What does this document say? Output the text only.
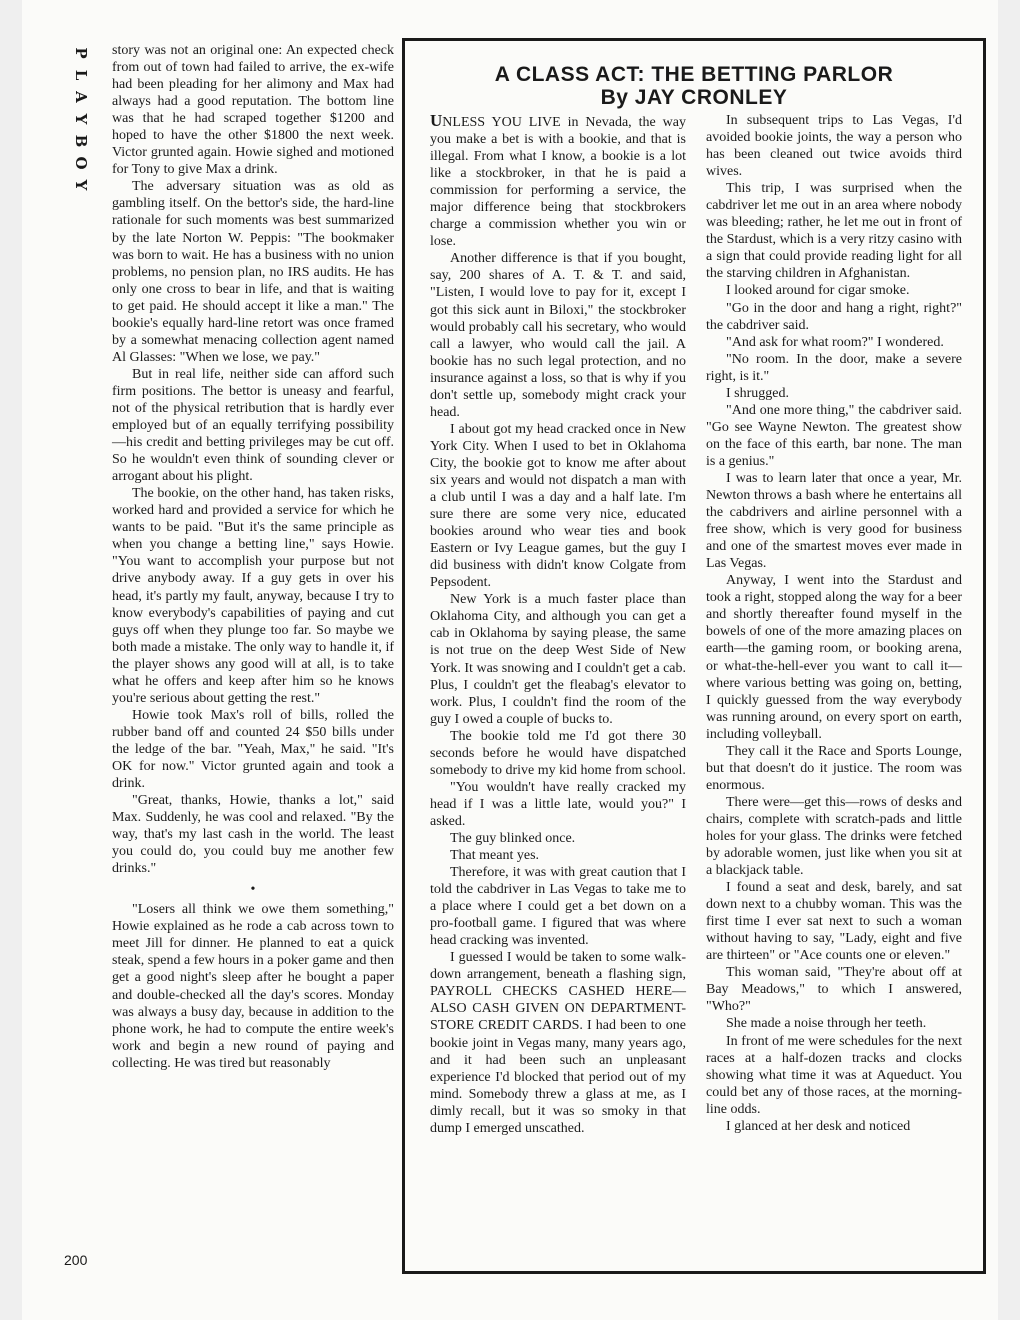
P
L
A
Y
B
O
Y

story was not an original one: An expected check from out of town had failed to arrive, the ex-wife had been pleading for her alimony and Max had always had a good reputation. The bottom line was that he had scraped together $1200 and hoped to have the other $1800 the next week. Victor grunted again. Howie sighed and motioned for Tony to give Max a drink.

The adversary situation was as old as gambling itself. On the bettor's side, the hard-line rationale for such moments was best summarized by the late Norton W. Peppis: "The bookmaker was born to wait. He has a business with no union problems, no pension plan, no IRS audits. He has only one cross to bear in life, and that is waiting to get paid. He should accept it like a man." The bookie's equally hard-line retort was once framed by a somewhat menacing collection agent named Al Glasses: "When we lose, we pay."

But in real life, neither side can afford such firm positions. The bettor is uneasy and fearful, not of the physical retribution that is hardly ever employed but of an equally terrifying possibility—his credit and betting privileges may be cut off. So he wouldn't even think of sounding clever or arrogant about his plight.

The bookie, on the other hand, has taken risks, worked hard and provided a service for which he wants to be paid. "But it's the same principle as when you change a betting line," says Howie. "You want to accomplish your purpose but not drive anybody away. If a guy gets in over his head, it's partly my fault, anyway, because I try to know everybody's capabilities of paying and cut guys off when they plunge too far. So maybe we both made a mistake. The only way to handle it, if the player shows any good will at all, is to take what he offers and keep after him so he knows you're serious about getting the rest."

Howie took Max's roll of bills, rolled the rubber band off and counted 24 $50 bills under the ledge of the bar. "Yeah, Max," he said. "It's OK for now." Victor grunted again and took a drink.

"Great, thanks, Howie, thanks a lot," said Max. Suddenly, he was cool and relaxed. "By the way, that's my last cash in the world. The least you could do, you could buy me another few drinks."

•

"Losers all think we owe them something," Howie explained as he rode a cab across town to meet Jill for dinner. He planned to eat a quick steak, spend a few hours in a poker game and then get a good night's sleep after he bought a paper and double-checked all the day's scores. Monday was always a busy day, because in addition to the phone work, he had to compute the entire week's work and begin a new round of paying and collecting. He was tired but reasonably

200
A CLASS ACT: THE BETTING PARLOR
By JAY CRONLEY

UNLESS YOU LIVE in Nevada, the way you make a bet is with a bookie, and that is illegal. From what I know, a bookie is a lot like a stockbroker, in that he is paid a commission for performing a service, the major difference being that stockbrokers charge a commission whether you win or lose.

Another difference is that if you bought, say, 200 shares of A. T. & T. and said, "Listen, I would love to pay for it, except I got this sick aunt in Biloxi," the stockbroker would probably call his secretary, who would call a lawyer, who would call the jail. A bookie has no such legal protection, and no insurance against a loss, so that is why if you don't settle up, somebody might crack your head.

I about got my head cracked once in New York City. When I used to bet in Oklahoma City, the bookie got to know me after about six years and would not dispatch a man with a club until I was a day and a half late. I'm sure there are some very nice, educated bookies around who wear ties and book Eastern or Ivy League games, but the guy I did business with didn't know Colgate from Pepsodent.

New York is a much faster place than Oklahoma City, and although you can get a cab in Oklahoma by saying please, the same is not true on the deep West Side of New York. It was snowing and I couldn't get a cab. Plus, I couldn't get the fleabag's elevator to work. Plus, I couldn't find the room of the guy I owed a couple of bucks to.

The bookie told me I'd got there 30 seconds before he would have dispatched somebody to drive my kid home from school.

"You wouldn't have really cracked my head if I was a little late, would you?" I asked.

The guy blinked once.

That meant yes.

Therefore, it was with great caution that I told the cabdriver in Las Vegas to take me to a place where I could get a bet down on a pro-football game. I figured that was where head cracking was invented.

I guessed I would be taken to some walk-down arrangement, beneath a flashing sign, PAYROLL CHECKS CASHED HERE—ALSO CASH GIVEN ON DEPARTMENT-STORE CREDIT CARDS. I had been to one bookie joint in Vegas many, many years ago, and it had been such an unpleasant experience I'd blocked that period out of my mind. Somebody threw a glass at me, as I dimly recall, but it was so smoky in that dump I emerged unscathed.

In subsequent trips to Las Vegas, I'd avoided bookie joints, the way a person who has been cleaned out twice avoids third wives.

This trip, I was surprised when the cabdriver let me out in an area where nobody was bleeding; rather, he let me out in front of the Stardust, which is a very ritzy casino with a sign that could provide reading light for all the starving children in Afghanistan.

I looked around for cigar smoke.

"Go in the door and hang a right, right?" the cabdriver said.

"And ask for what room?" I wondered.

"No room. In the door, make a severe right, is it."

I shrugged.

"And one more thing," the cabdriver said. "Go see Wayne Newton. The greatest show on the face of this earth, bar none. The man is a genius."

I was to learn later that once a year, Mr. Newton throws a bash where he entertains all the cabdrivers and airline personnel with a free show, which is very good for business and one of the smartest moves ever made in Las Vegas.

Anyway, I went into the Stardust and took a right, stopped along the way for a beer and shortly thereafter found myself in the bowels of one of the more amazing places on earth—the gaming room, or booking arena, or what-the-hell-ever you want to call it—where various betting was going on, betting, I quickly guessed from the way everybody was running around, on every sport on earth, including volleyball.

They call it the Race and Sports Lounge, but that doesn't do it justice. The room was enormous.

There were—get this—rows of desks and chairs, complete with scratch-pads and little holes for your glass. The drinks were fetched by adorable women, just like when you sit at a blackjack table.

I found a seat and desk, barely, and sat down next to a chubby woman. This was the first time I ever sat next to such a woman without having to say, "Lady, eight and five are thirteen" or "Ace counts one or eleven."

This woman said, "They're about off at Bay Meadows," to which I answered, "Who?"

She made a noise through her teeth.

In front of me were schedules for the next races at a half-dozen tracks and clocks showing what time it was at Aqueduct. You could bet any of those races, at the morning-line odds.

I glanced at her desk and noticed
